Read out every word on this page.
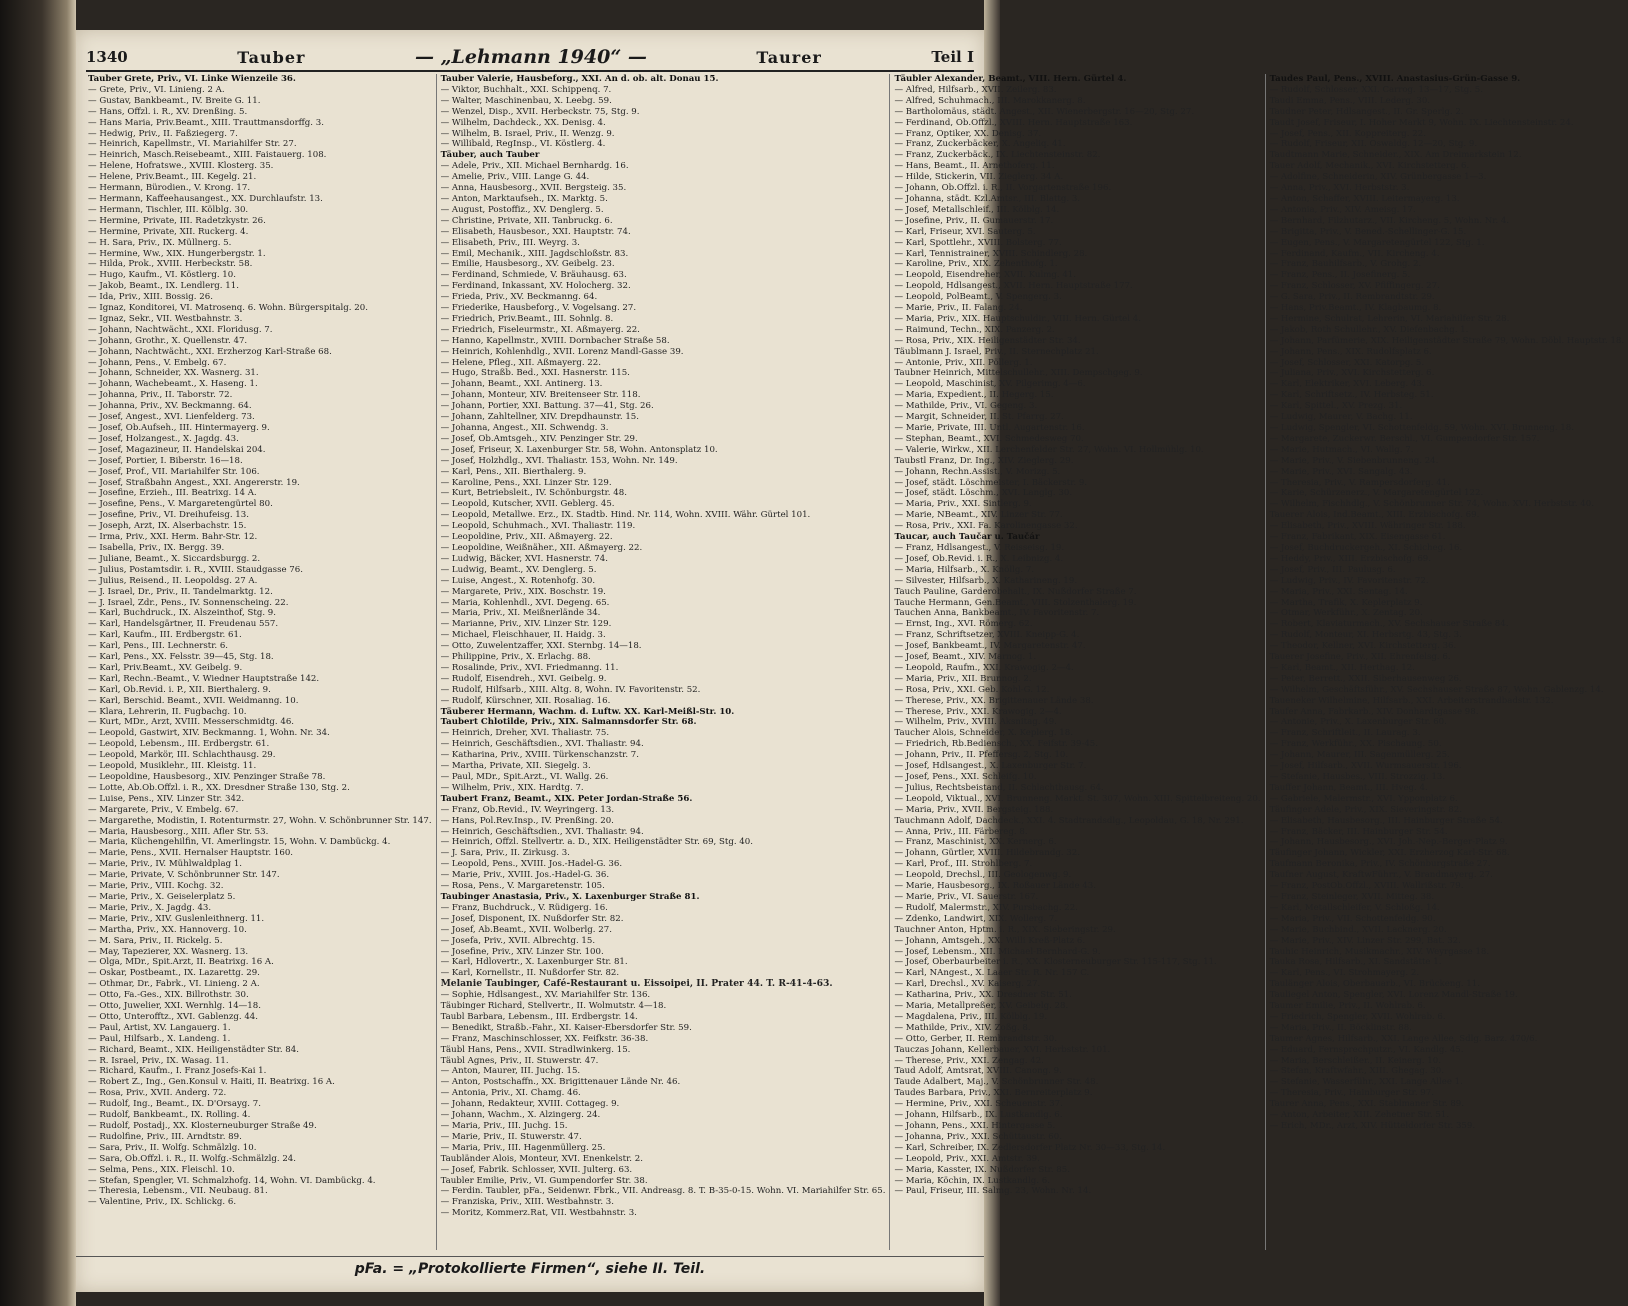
1340	Tauber	— „Lehmann 1940“ —	Taurer	Teil I
Tauber Grete, Priv., VI. Linke Wienzeile 36.
— Grete, Priv., VI. Linieng. 2 A.
— Gustav, Bankbeamt., IV. Breite G. 11.
— Hans, Offzl. i. R., XV. Drenßing. 5.
— Hans Maria, Priv.Beamt., XIII. Trauttmansdorffg. 3.
— Hedwig, Priv., II. Faßziegerg. 7.
— Heinrich, Kapellmstr., VI. Mariahilfer Str. 27.
— Heinrich, Masch.Reisebeamt., XIII. Faistauerg. 108.
— Helene, Hofratswe., XVIII. Klosterg. 35.
— Helene, Priv.Beamt., III. Kegelg. 21.
— Hermann, Bürodien., V. Krong. 17.
— Hermann, Kaffeehausangest., XX. Durchlaufstr. 13.
— Hermann, Tischler, III. Kölblg. 30.
— Hermine, Private, III. Radetzkystr. 26.
— Hermine, Private, XII. Ruckerg. 4.
— H. Sara, Priv., IX. Müllnerg. 5.
— Hermine, Ww., XIX. Hungerbergstr. 1.
— Hilda, Prok., XVIII. Herbeckstr. 58.
— Hugo, Kaufm., VI. Köstlerg. 10.
— Jakob, Beamt., IX. Lendlerg. 11.
— Ida, Priv., XIII. Bossig. 26.
— Ignaz, Konditorei, VI. Matrosenq. 6. Wohn. Bürgerspitalg. 20.
— Ignaz, Sekr., VII. Westbahnstr. 3.
— Johann, Nachtwächt., XXI. Floridusg. 7.
— Johann, Grothr., X. Quellenstr. 47.
— Johann, Nachtwächt., XXI. Erzherzog Karl-Straße 68.
— Johann, Pens., V. Embelg. 67.
— Johann, Schneider, XX. Wasnerg. 31.
— Johann, Wachebeamt., X. Haseng. 1.
— Johanna, Priv., II. Taborstr. 72.
— Johanna, Priv., XV. Beckmanng. 64.
— Josef, Angest., XVI. Lienfelderg. 73.
— Josef, Ob.Aufseh., III. Hintermayerg. 9.
— Josef, Holzangest., X. Jagdg. 43.
— Josef, Magazineur, II. Handelskai 204.
— Josef, Portier, I. Biberstr. 16—18.
— Josef, Prof., VII. Mariahilfer Str. 106.
— Josef, Straßbahn Angest., XXI. Angererstr. 19.
— Josefine, Erzieh., III. Beatrixg. 14 A.
— Josefine, Pens., V. Margaretengürtel 80.
— Josefine, Priv., VI. Dreihufeisg. 13.
— Joseph, Arzt, IX. Alserbachstr. 15.
— Irma, Priv., XXI. Herm. Bahr-Str. 12.
— Isabella, Priv., IX. Bergg. 39.
— Juliane, Beamt., X. Siccardsburgg. 2.
— Julius, Postamtsdir. i. R., XVIII. Staudgasse 76.
— Julius, Reisend., II. Leopoldsg. 27 A.
— J. Israel, Dr., Priv., II. Tandelmarktg. 12.
— J. Israel, Zdr., Pens., IV. Sonnenscheing. 22.
— Karl, Buchdruck., IX. Alszeinthof, Stg. 9.
— Karl, Handelsgärtner, II. Freudenau 557.
— Karl, Kaufm., III. Erdbergstr. 61.
— Karl, Pens., III. Lechnerstr. 6.
— Karl, Pens., XX. Felsstr. 39—45, Stg. 18.
— Karl, Priv.Beamt., XV. Geibelg. 9.
— Karl, Rechn.-Beamt., V. Wiedner Hauptstraße 142.
— Karl, Ob.Revid. i. P., XII. Bierthalerg. 9.
— Karl, Berschid. Beamt., XVII. Weidmanng. 10.
— Klara, Lehrerin, II. Fugbachg. 10.
— Kurt, MDr., Arzt, XVIII. Messerschmidtg. 46.
— Leopold, Gastwirt, XIV. Beckmanng. 1, Wohn. Nr. 34.
— Leopold, Lebensm., III. Erdbergstr. 61.
— Leopold, Markör, III. Schlachthausg. 29.
— Leopold, Musiklehr., III. Kleistg. 11.
— Leopoldine, Hausbesorg., XIV. Penzinger Straße 78.
— Lotte, Ab.Ob.Offzl. i. R., XX. Dresdner Straße 130, Stg. 2.
— Luise, Pens., XIV. Linzer Str. 342.
— Margarete, Priv., V. Embelg. 67.
— Margarethe, Modistin, I. Rotenturmstr. 27, Wohn. V. Schönbrunner Str. 147.
— Maria, Hausbesorg., XIII. Afler Str. 53.
— Maria, Küchengehilfin, VI. Amerlingstr. 15, Wohn. V. Dambückg. 4.
— Marie, Pens., XVII. Hernalser Hauptstr. 160.
— Marie, Priv., IV. Mühlwaldplag 1.
— Marie, Private, V. Schönbrunner Str. 147.
— Marie, Priv., VIII. Kochg. 32.
— Marie, Priv., X. Geiselerplatz 5.
— Marie, Priv., X. Jagdg. 43.
— Marie, Priv., XIV. Guslenleithnerg. 11.
— Martha, Priv., XX. Hannoverg. 10.
— M. Sara, Priv., II. Rickelg. 5.
— May, Tapezierer, XX. Wasnerg. 13.
— Olga, MDr., Spit.Arzt, II. Beatrixg. 16 A.
— Oskar, Postbeamt., IX. Lazarettg. 29.
— Othmar, Dr., Fabrk., VI. Linieng. 2 A.
— Otto, Fa.-Ges., XIX. Billrothstr. 30.
— Otto, Juwelier, XXI. Wernhlg. 14—18.
— Otto, Unterofftz., XVI. Gablenzg. 44.
— Paul, Artist, XV. Langauerg. 1.
— Paul, Hilfsarb., X. Landeng. 1.
— Richard, Beamt., XIX. Heiligenstädter Str. 84.
— R. Israel, Priv., IX. Wasag. 11.
— Richard, Kaufm., I. Franz Josefs-Kai 1.
— Robert Z., Ing., Gen.Konsul v. Haiti, II. Beatrixg. 16 A.
— Rosa, Priv., XVII. Anderg. 72.
— Rudolf, Ing., Beamt., IX. D'Orsayg. 7.
— Rudolf, Bankbeamt., IX. Rolling. 4.
— Rudolf, Postadj., XX. Klosterneuburger Straße 49.
— Rudolfine, Priv., III. Arndtstr. 89.
— Sara, Priv., II. Wolfg. Schmälzlg. 10.
— Sara, Ob.Offzl. i. R., II. Wolfg.-Schmälzlg. 24.
— Selma, Pens., XIX. Fleischl. 10.
— Stefan, Spengler, VI. Schmalzhofg. 14, Wohn. VI. Dambückg. 4.
— Theresia, Lebensm., VII. Neubaug. 81.
— Valentine, Priv., IX. Schlickg. 6.
Tauber Valerie, Hausbeforg., XXI. An d. ob. alt. Donau 15.
— Viktor, Buchhalt., XXI. Schippenq. 7.
— Walter, Maschinenbau, X. Leebg. 59.
— Wenzel, Disp., XVII. Herbeckstr. 75, Stg. 9.
— Wilhelm, Dachdeck., XX. Denisg. 4.
— Wilhelm, B. Israel, Priv., II. Wenzg. 9.
— Willibald, RegInsp., VI. Köstlerg. 4.
Täuber, auch Tauber
— Adele, Priv., XII. Michael Bernhardg. 16.
— Amelie, Priv., VIII. Lange G. 44.
— Anna, Hausbesorg., XVII. Bergsteig. 35.
— Anton, Marktaufseh., IX. Marktg. 5.
— August, Postoffiz., XV. Denglerg. 5.
— Christine, Private, XII. Tanbruckg. 6.
— Elisabeth, Hausbesor., XXI. Hauptstr. 74.
— Elisabeth, Priv., III. Weyrg. 3.
— Emil, Mechanik., XIII. Jagdschloßstr. 83.
— Emilie, Hausbesorg., XV. Geibelg. 23.
— Ferdinand, Schmiede, V. Bräuhausg. 63.
— Ferdinand, Inkassant, XV. Holocherg. 32.
— Frieda, Priv., XV. Beckmanng. 64.
— Friederike, Hausbeforg., V. Vogelsang. 27.
— Friedrich, Priv.Beamt., III. Sohnlg. 8.
— Friedrich, Fiseleurmstr., XI. Aßmayerg. 22.
— Hanno, Kapellmstr., XVIII. Dornbacher Straße 58.
— Heinrich, Kohlenhdlg., XVII. Lorenz Mandl-Gasse 39.
— Helene, Pfleg., XII. Aßmayerg. 22.
— Hugo, Straßb. Bed., XXI. Hasnerstr. 115.
— Johann, Beamt., XXI. Antinerg. 13.
— Johann, Monteur, XIV. Breitenseer Str. 118.
— Johann, Portier, XXI. Battung. 37—41, Stg. 26.
— Johann, Zahltellner, XIV. Drepdhaunstr. 15.
— Johanna, Angest., XII. Schwendg. 3.
— Josef, Ob.Amtsgeh., XIV. Penzinger Str. 29.
— Josef, Friseur, X. Laxenburger Str. 58, Wohn. Antonsplatz 10.
— Josef, Holzhdlg., XVI. Thaliastr. 153, Wohn. Nr. 149.
— Karl, Pens., XII. Bierthalerg. 9.
— Karoline, Pens., XXI. Linzer Str. 129.
— Kurt, Betriebsleit., IV. Schönburgstr. 48.
— Leopold, Kutscher, XVII. Geblerg. 45.
— Leopold, Metallwe. Erz., IX. Stadtb. Hind. Nr. 114, Wohn. XVIII. Währ. Gürtel 101.
— Leopold, Schuhmach., XVI. Thaliastr. 119.
— Leopoldine, Priv., XII. Aßmayerg. 22.
— Leopoldine, Weißnäher., XII. Aßmayerg. 22.
— Ludwig, Bäcker, XVI. Hasnerstr. 74.
— Ludwig, Beamt., XV. Denglerg. 5.
— Luise, Angest., X. Rotenhofg. 30.
— Margarete, Priv., XIX. Boschstr. 19.
— Maria, Kohlenhdl., XVI. Degeng. 65.
— Maria, Priv., XI. Meißnerlände 34.
— Marianne, Priv., XIV. Linzer Str. 129.
— Michael, Fleischhauer, II. Haidg. 3.
— Otto, Zuwelentzaffer, XXI. Sternbg. 14—18.
— Philippine, Priv., X. Erlachg. 88.
— Rosalinde, Priv., XVI. Friedmanng. 11.
— Rudolf, Eisendreh., XVI. Geibelg. 9.
— Rudolf, Hilfsarb., XIII. Altg. 8, Wohn. IV. Favoritenstr. 52.
— Rudolf, Kürschner, XII. Rosaliag. 16.
Täuberer Hermann, Wachm. d. Luftw. XX. Karl-Meißl-Str. 10.
Taubert Chlotilde, Priv., XIX. Salmannsdorfer Str. 68.
— Heinrich, Dreher, XVI. Thaliastr. 75.
— Heinrich, Geschäftsdien., XVI. Thaliastr. 94.
— Katharina, Priv., XVIII. Türkenschanzstr. 7.
— Martha, Private, XII. Siegelg. 3.
— Paul, MDr., Spit.Arzt., VI. Wallg. 26.
— Wilhelm, Priv., XIX. Hardtg. 7.
Taubert Franz, Beamt., XIX. Peter Jordan-Straße 56.
— Franz, Ob.Revid., IV. Weyringerg. 13.
— Hans, Pol.Rev.Insp., IV. Prenßing. 20.
— Heinrich, Geschäftsdien., XVI. Thaliastr. 94.
— Heinrich, Offzl. Stellvertr. a. D., XIX. Heiligenstädter Str. 69, Stg. 40.
— J. Sara, Priv., II. Zirkusg. 3.
— Leopold, Pens., XVIII. Jos.-Hadel-G. 36.
— Marie, Priv., XVIII. Jos.-Hadel-G. 36.
— Rosa, Pens., V. Margaretenstr. 105.
Taubinger Anastasia, Priv., X. Laxenburger Straße 81.
— Franz, Buchdruck., V. Rüdigerg. 16.
— Josef, Disponent, IX. Nußdorfer Str. 82.
— Josef, Ab.Beamt., XVII. Wolberlg. 27.
— Josefa, Priv., XVII. Albrechtg. 15.
— Josefine, Priv., XIV. Linzer Str. 100.
— Karl, Hdlovertr., X. Laxenburger Str. 81.
— Karl, Kornellstr., II. Nußdorfer Str. 82.
Melanie Taubinger, Café-Restaurant u. Eissoipei, II. Prater 44. T. R-41-4-63.
— Sophie, Hdlsangest., XV. Mariahilfer Str. 136.
Täubinger Richard, Stellvertr., II. Wolmutstr. 4—18.
Taubl Barbara, Lebensm., III. Erdbergstr. 14.
— Benedikt, Straßb.-Fahr., XI. Kaiser-Ebersdorfer Str. 59.
— Franz, Maschinschlosser, XX. Feifkstr. 36-38.
Täubl Hans, Pens., XVII. Stradlwinkerg. 15.
Täubl Agnes, Priv., II. Stuwerstr. 47.
— Anton, Maurer, III. Juchg. 15.
— Anton, Postschaffn., XX. Brigittenauer Lände Nr. 46.
— Antonia, Priv., XI. Chamg. 46.
— Johann, Redakteur, XVIII. Cottageg. 9.
— Johann, Wachm., X. Alzingerg. 24.
— Maria, Priv., III. Juchg. 15.
— Marie, Priv., II. Stuwerstr. 47.
— Maria, Priv., III. Hagenmüllerg. 25.
Taubländer Alois, Monteur, XVI. Enenkelstr. 2.
— Josef, Fabrik. Schlosser, XVII. Julterg. 63.
Taubler Emilie, Priv., VI. Gumpendorfer Str. 38.
— Ferdin. Taubler, pFa., Seidenwr. Fbrk., VII. Andreasg. 8. T. B-35-0-15. Wohn. VI. Mariahilfer Str. 65.
— Franziska, Priv., XIII. Westbahnstr. 3.
— Moritz, Kommerz.Rat, VII. Westbahnstr. 3.
Täubler Alexander, Beamt., VIII. Hern. Gürtel 4.
— Alfred, Hilfsarb., XVII. Zeilerg. 83.
— Alfred, Schuhmach., III. Marokkanerg. 8.
— Bartholomäus, städt. Angest., XII. Wienerbergstr. 16—20, Stg. 27.
— Ferdinand, Ob.Offzl., XVIII. Hern. Hauptstraße 163.
— Franz, Optiker, XX. Denisg. 37.
— Franz, Zuckerbäcker, X. Angeliq. 41.
— Franz, Zuckerbäck., IX. Liechtensteinstr. 82.
— Hans, Beamt., II. Arnethoferg. 11.
— Hilde, Stickerin, VII. Zieglerg. 34 A.
— Johann, Ob.Offzl. i. R., II. Vorgartenstraße 196.
— Johanna, städt. Kzl.Amtsr., III. Blattg. 3.
— Josef, Metallschleif., III. Kölblg. 14.
— Josefine, Priv., II. Gumauerstr. 17.
— Karl, Friseur, XVI. Sauterg. 5.
— Karl, Spottlehr., XVIII. Bolsterg. 77.
— Karl, Tennistrainer, XVIII. Schindlerg. 28.
— Karoline, Priv., XIX. Zehenthofg. 1.
— Leopold, Eisendreher, XVII. Kulmg. 41.
— Leopold, Hdlsangest., XVII. Hern. Hauptstraße 177.
— Leopold, PolBeamt., V. Spengerg. 3.
— Marie, Priv., II. Falang. 24.
— Maria, Priv., XIX. Hauptschuldir., VIII. Hern. Gürtel 4.
— Raimund, Techn., XIX. Panzerg. 2.
— Rosa, Priv., XIX. Heiligenstädter Str. 34.
Täublmann J. Israel, Priv., II. Sternechplatz 21.
— Antonie, Priv., XII. Pöllerg. 1.
Taubner Heinrich, Mittelschullehr., XIII. Dempschgeg. 9.
— Leopold, Maschinist, XV. Pilgerimg. 4—6.
— Maria, Expedient., II. Hegerg. 15.
— Mathilde, Priv., VI. Gegeng. 3.
— Margit, Schneider, II. St. Pfarrg. 27.
— Marie, Private, III. Untl. Augartenstr. 16.
— Stephan, Beamt., XVI. Schmedesweg 70.
— Valerie, Wirkw., XII. Lerchenfelder Str. 27, Wohn. VI. Hollmühlg. 10.
Taubstl Franz, Dr. Ing., XIV. Zieglerg. 29.
— Johann, Rechn.Assist., V. Morizg. 5.
— Josef, städt. Löschmeister, I. Bäckerstr. 9.
— Josef, städt. Löschm., XVI. Langlg. 30.
— Maria, Priv., XXI. Sintlerg. 9.
— Marie, NBeamt., XIV. Linzer Str. 77.
— Rosa, Priv., XXI. Fa. Karolinengasse 32.
Taucar, auch Taučar u. Taučár
— Franz, Hdlsangest., V. Reisseisg. 19.
— Josef, Ob.Revid. i. R., X. Leibnizg. 4.
— Maria, Hilfsarb., X. Knöllg. 7.
— Silvester, Hilfsarb., X. Katharineng. 19.
Tauch Pauline, Garderobehalt., IX. Nußdorfer Straße 7.
Tauche Hermann, Gen.Beamt., VIII. Stolzenthalerg. 19.
Tauchen Anna, Bankbeamt., IV. Favoritenstr. 7.
— Ernst, Ing., XVI. Römerg. 62.
— Franz, Schriftsetzer, XVIII. Kneipp-G. 4.
— Josef, Bankbeamt., IV. Margaretenstr. 47.
— Josef, Beamt., XIV. Marnog. 1.
— Leopold, Raufm., XXI. Krawogig. 2—4.
— Maria, Priv., XII. Brunnog. 2.
— Rosa, Priv., XXI. Geb. Kohl-G. 12.
— Therese, Priv., XX. Brigittenauer Lände 38.
— Therese, Priv., XXI. Krawogig. 2—4.
— Wilhelm, Priv., XVIII. Aksnitag. 49.
Taucher Alois, Schneider, X. Keplerg. 18.
— Friedrich, Rb.Bediensch., XX. Feifstr. 39-45.
— Johann, Priv., II. Pfeffersg. 2, Stg. 10.
— Josef, Hdlsangest., X. Laxenburger Str. 7.
— Josef, Pens., XXI. Schleifg. 10.
— Julius, Rechtsbeistand, II. Schlachthausg. 64.
— Leopold, Viktual., XVI. Brunneng. Markt. St. 307, Wohn. XIII. Spittelbreiteng. 20.
— Maria, Priv., XVII. Bergsteig. 188.
Tauchmann Adolf, Dachdeck., XXI. 4. Stadtrandsdlg., Leopoldau, G. 18, Nr. 291.
— Anna, Priv., III. Färbereg. 8.
— Franz, Maschinist, XX. Kernerg. 6.
— Johann, Gürtler, XVIII. Hildebrandg. 32.
— Karl, Prof., III. Strohlberg. 7.
— Leopold, Drechsl., III. Geologenwg. 9.
— Marie, Hausbesorg., IX. Roßauer Lände 43.
— Marie, Priv., VI. Sauerstr. 167.
— Rudolf, Malermstr., XIV. Pursbachg. 22.
— Zdenko, Landwirt, XIX. Wollerg. 7.
Tauchner Anton, Hptm. i. R., XIX. Sieberingstr. 29.
— Johann, Amtsgeh., XX. Willi Kreß-Platz 6.
— Josef, Lebensm., XII. Michael-Bernhard-G. 9.
— Josef, Oberbaurbeiter i. R., XX. Klosterneuburger Str. 115-117, Stg. 11.
— Karl, NAngest., X. Laaer Str. R. Nr. 157 C.
— Karl, Drechsl., XV. Kaiserg. 27.
— Katharina, Priv., XX. Dresdner Str. 51.
— Maria, Metallpreßer, XV. Geibelg. 28.
— Magdalena, Priv., III. Kölblg. 19.
— Mathilde, Priv., XIV. Zoßg. 8.
— Otto, Gerber, II. Rembrandtstr. 30.
Tauczas Johann, Kellerbauer, XVI. Herbststr. 101.
— Therese, Priv., XXI. Zengag. 42.
Taud Adolf, Amtsrat, XVIII. Canong. 9.
Taude Adalbert, Maj., V. Schönbrunner Str. 48.
Taudes Barbara, Priv., XXI. Bernreiterplatz 9.
— Hermine, Priv., XXI. Scheuenstr. 37.
— Johann, Hilfsarb., IX. Lustkandlg. 6.
— Johann, Pens., XXI. Hintergasse 5.
— Johanna, Priv., XXI. Schüttaustr. 60.
— Karl, Schreiber, IX. Zedlersdorfer Platz Nr. 30—33, Stg. 14.
— Leopold, Priv., XXI. Amtstr. 39.
— Maria, Kasster, IX. Nußdorfer Str. 85.
— Maria, Köchin, IX. Lustkandlg. 6.
— Paul, Friseur, III. Salmg. 23, Wohn. Nr. 14.
Taudes Paul, Pens., XVIII. Anastasius-Grün-Gasse 9.
— Rudolf, Schlosser, XXI. Carrog. 13—17, Stg. 5.
Taudi Emma, Pens., VIII. Lederg. 30.
Taudner Peter, Hdlsangest., II. Gr. Sperlg. 2.
Taudt Josef, Friseur, I. Hoher Markt 9, Wohn. IX. Liechtensteinstr. 24.
— Josef, Pens., XII. Koppreiterg. 22.
— Rudolf, Friseur, XII. Oswaldg. 12—20, Stg. 9.
Taudtmann Marie, Schneider., XIX. Am Dreimarkstein 12.
Tauer Adolf, Mechanik., XVI. Kirchstetterg. 6.
— Adolfine, Schneiderin, XIV. Grünbergasse 1—3.
— Anna, Priv., XVI. Herbststr. 3.
— Anton, Schaffer, XVIII. Leitermayerg. 13.
— Antonia, Priv., XIV. Ameisg. 17.
— Bernhard, Filzhutarz., VII. Kircheng. 5, Wohn. Nr. 4.
— Brigitta, Priv., V. Bened.-Schellinger-G. 15.
— Eugen, Pens., V. Margaretengürtel 122, Stg. 1.
— Ferdinand, Kaufm., VII. Kircheng. 4.
— Franz, Bauhilfsarb., V. Grohg. 2.
— Franz, Pens., II. Josefinerg. 5.
— Franz, Schlosser, XV. Pfiffingerg. 27.
— G. Sara, Priv., II. Rembrandtstr. 29.
— Hans, Priv.Beamt., IV. Klagbaumg. 8.
— Hermine, Schulrat, Lehrerin, VI. Mariahilfer Str. 28.
— Jakob, Roth Schullehr., XV. Diefenbachg. 1.
— Johann, Parfümerie, XIX. Heiligenstädter Straße 79, Wohn. Döbl. Hauptstr. 18.
— Johann, Pens., XIX. Rudolfsplatz 6.
— Josef, Schlosser, XXI. Katorpg. 5.
— Juliana, Priv., XVI. Kirchstetterg. 6.
— Karl, Elektriker, XVI. Leberg. 43.
— Karl, Schriftsetz., IV. Herbsteg. 51.
— Karl, Spittel., XV. Prezg. 31.
— Ludwig, Maurer, V. Bachg. 11.
— Ludwig, Spengler, VI. Schottenfeldg. 59, Wohn. XVI. Brunneng. 18.
— Margarete, Zuckerwr. Berschl., VI. Gumpendorfer Str. 157.
— Marie, Hutmach., VI. Wallg. 7.
— Marie, Priv., V. Siebenbrunneng. 24.
— Marie, Priv., XVI. Sangalg. 43.
— Theresia, Priv., V. Rampersdorferg. 41.
— Karie, Schürzenerz., V. Margaretengürtel 122.
— Wilhelm, Fischhdlg., V. Schönbrunner Str. 74, Wohn. XVI. Herbststr. 40.
Tauerer Alois, Ind.Beamt., XIII. Erzbischofg. 69.
— Elisabeth, Priv., XVIII. Währinger Str. 188.
— Franz, Fabrikant, XIX. Eisengasse 61.
— Josef, Buchdruckergeh., XI. Schicheg. 16.
— Heddy, Priv., XIII. Erzbischofg. 69.
— Josef, Priv., III. Paulusg. 6.
— Ludwig, Priv., IV. Favoritenstr. 72.
— Maria, Priv., XXI. Sentag. 14.
— Martha, Trafik, X. Keplerplatz 9.
— Otmar, Werkführ., X. Zentag. 20.
— Robert, Klaviaturmach., XV. Sechshauser Straße 84.
— Rudolf, Monteur, XI. Herbsrtg. 43, Stg. 3.
— Theodor, Kellner, XVI. Kirchstetterg. 36.
Tauerer Josefine, Priv., XII. Ehrenfelsg. 6.
— Karl, Beamt., XII. Herthag. 12.
— Peter, Berrett., XXII. Siberhausenweg 26.
— Wilhelm, Geschäftsführ., XV. Sechshauser Straße 87, Wohn. Gablenzg. 14.
Taueneker Wilhelmine, Hilfsarb., XXI. Arbeiterstrandbadstr. 132.
Taufer Anna, Fabrkarb., XIV. Donhardtgasse 98.
— Antonie, Priv., X. Laxenburger Str. 60.
— Franz, Schriftleit., II. Laurag. 3.
— Franz, Werkführ., XX. Pischaung. 50.
— Johann, Maurer, III. Sagenmüllerg. 25.
— Josef, Hilfsarb., XVII. Wurmsauerstr. 196.
— Stefanie, Hausbes., VIII. Strozzig. 13.
Tauffer Johann, Beamt., III. Hveg. 4.
— Gabriele, Malermstr., XVI. Ypponplatz 6.
Täufinger Adele, Priv., XIX. Sieveringstr. 82.
— Elisabeth, Hausbesorg., III. Hainburger Straße 54.
— Franz, Bäcker, III. Hainburger Str. 54.
— Johann, Hausbesorg., XVI. Joh.-Nep.-Berger-Platz 9.
Täufinger Johann, Wickler, XXI. Erzherzog Karl-Str. 68.
Taufmann Beronika, Priv., IV. Schönburgstraße 27.
Taufner August, KraftwFührr., V. Brandmayerg. 27.
— Franz, PostOb.Offzl., XVIII. Wallrißstr. 79.
— Franz, Steinleger, XVII. Mitteg. 38.
— Karl, Metallschleifer, V. Schloßg. 14.
— Maria, Priv., VII. Schottenfeldg. 90.
— Marie, Buchbind., XVII. Lacknerg. 20.
— Marie, Priv., XIV. Linzer Str. 299, Bat. 32.
Tauhic Heinrich, Musikmachr., XIV. Weyrgasse 18.
Tauka Rosa, Hilfsarb., XI. Sandstätte 1.
— Karl, Pens., VI. Strohmayerg. 2.
Taulänger Alois, Oberbauarb., VI. Brückeng. 11.
Tauliegel Anton, Spengler, XVI. Lorenz Mandl-Straße 19.
Taumer Emilie, Priv., II. Wohlrab. 6.
— Friedrich, Spengler, XVII. Wohlrab. 6.
— Maria, Priv., II. Böcklinstr. 88.
Taumer Agnes, Hilfsarb., XXI. Lange Allee, Sdlg. Barz. 470/6.
— Eduard, Fernsprechputzr., VI. Kandlg. 45.
— Maria, Berschleißer., II. Keinerg. 10.
— Stefan, Kraftwfahr., XIII. Ghegag. 30.
— Stefanie, Wasserführ., XXI. Lange Allee 1.
— Theresia, Priv., Hainburger Str. 97.
Taurer Anna, Pens., XXI. Stablmaner Str. 89.
— Anton, Arbeiter, XIII. Zehetner Str. 51.
— Erich, MDr., Arzt, XIV. Hütteldorfer Str. 359.
pFa. = „Protokollierte Firmen“, siehe II. Teil.
